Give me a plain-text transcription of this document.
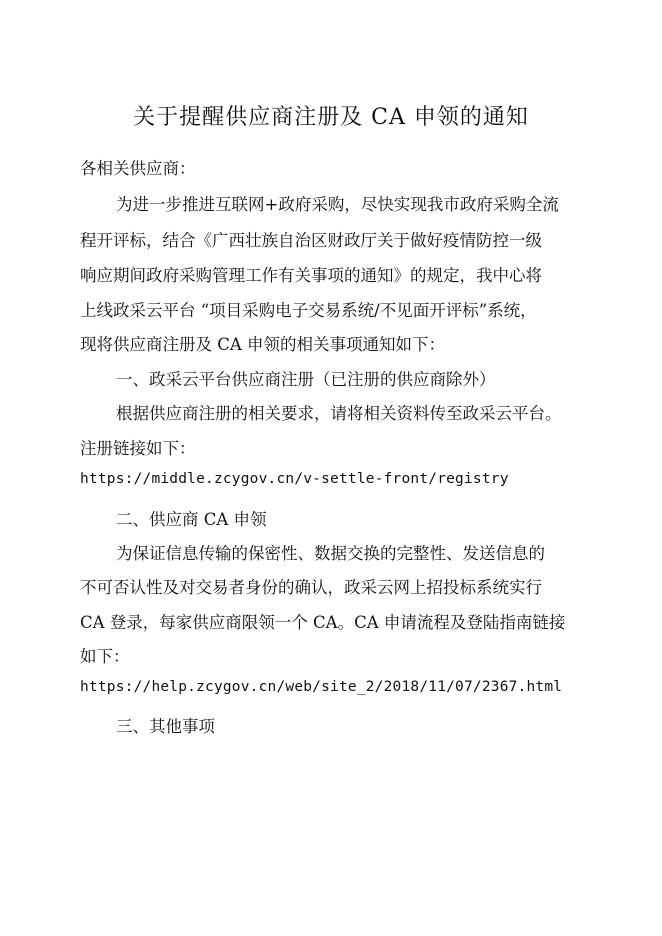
关于提醒供应商注册及 CA 申领的通知
各相关供应商：
为进一步推进互联网+政府采购，尽快实现我市政府采购全流
程开评标，结合《广西壮族自治区财政厅关于做好疫情防控一级
响应期间政府采购管理工作有关事项的通知》的规定，我中心将
上线政采云平台 “项目采购电子交易系统/不见面开评标”系统，
现将供应商注册及 CA 申领的相关事项通知如下：
一、政采云平台供应商注册（已注册的供应商除外）
根据供应商注册的相关要求，请将相关资料传至政采云平台。
注册链接如下：
https://middle.zcygov.cn/v-settle-front/registry
二、供应商 CA 申领
为保证信息传输的保密性、数据交换的完整性、发送信息的
不可否认性及对交易者身份的确认，政采云网上招投标系统实行
CA 登录，每家供应商限领一个 CA。CA 申请流程及登陆指南链接
如下：
https://help.zcygov.cn/web/site_2/2018/11/07/2367.html
三、其他事项
